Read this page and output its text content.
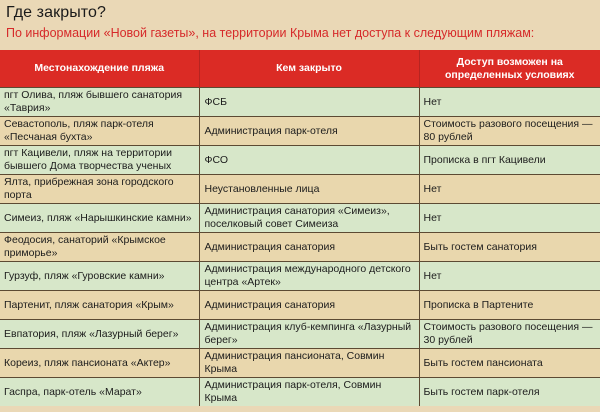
Где закрыто?
По информации «Новой газеты», на территории Крыма нет доступа к следующим пляжам:
Местонахождение пляжа	Кем закрыто	Доступ возможен на определенных условиях
пгт Олива, пляж бывшего санатория «Таврия»	ФСБ	Нет
Севастополь, пляж парк-отеля «Песчаная бухта»	Администрация парк-отеля	Стоимость разового посещения — 80 рублей
пгт Кацивели, пляж на территории бывшего Дома творчества ученых	ФСО	Прописка в пгт Кацивели
Ялта, прибрежная зона городского порта	Неустановленные лица	Нет
Симеиз, пляж «Нарышкинские камни»	Администрация санатория «Симеиз», поселковый совет Симеиза	Нет
Феодосия, санаторий «Крымское приморье»	Администрация санатория	Быть гостем санатория
Гурзуф, пляж «Гуровские камни»	Администрация международного детского центра «Артек»	Нет
Партенит, пляж санатория «Крым»	Администрация санатория	Прописка в Партените
Евпатория, пляж «Лазурный берег»	Администрация клуб-кемпинга «Лазурный берег»	Стоимость разового посещения — 30 рублей
Кореиз, пляж пансионата «Актер»	Администрация пансионата, Совмин Крыма	Быть гостем пансионата
Гаспра, парк-отель «Марат»	Администрация парк-отеля, Совмин Крыма	Быть гостем парк-отеля
